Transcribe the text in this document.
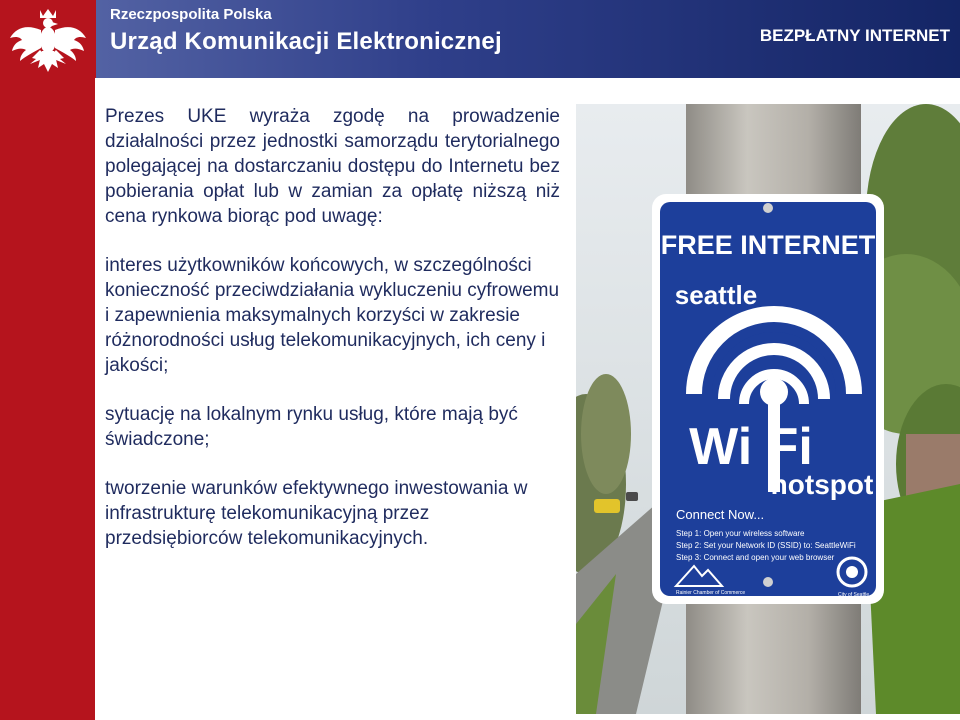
Rzeczpospolita Polska
Urząd Komunikacji Elektronicznej	BEZPŁATNY INTERNET

Prezes UKE wyraża zgodę na prowadzenie działalności przez jednostki samorządu terytorialnego polegającej na dostarczaniu dostępu do Internetu bez pobierania opłat lub w zamian za opłatę niższą niż cena rynkowa biorąc pod uwagę:

interes użytkowników końcowych, w szczególności konieczność przeciwdziałania wykluczeniu cyfrowemu i zapewnienia maksymalnych korzyści w zakresie różnorodności usług telekomunikacyjnych, ich ceny i jakości;

sytuację na lokalnym rynku usług, które mają być świadczone;

tworzenie warunków efektywnego inwestowania w infrastrukturę telekomunikacyjną przez przedsiębiorców telekomunikacyjnych.

FREE INTERNET
seattle
Wi Fi
hotspot
Connect Now...
Step 1: Open your wireless software
Step 2: Set your Network ID (SSID) to: SeattleWiFi
Step 3: Connect and open your web browser
Rainier Chamber of Commerce	City of Seattle
